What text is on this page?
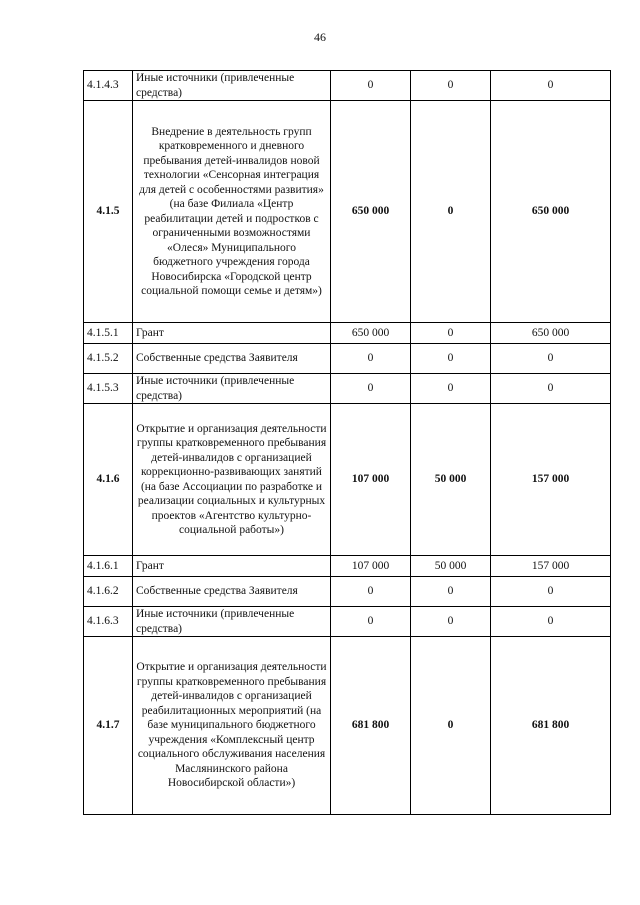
46
4.1.4.3	Иные источники (привлеченные средства)	0	0	0
4.1.5	Внедрение в деятельность групп кратковременного и дневного пребывания детей-инвалидов новой технологии «Сенсорная интеграция для детей с особенностями развития» (на базе Филиала «Центр реабилитации детей и подростков с ограниченными возможностями «Олеся» Муниципального бюджетного учреждения города Новосибирска «Городской центр социальной помощи семье и детям»)	650 000	0	650 000
4.1.5.1	Грант	650 000	0	650 000
4.1.5.2	Собственные средства Заявителя	0	0	0
4.1.5.3	Иные источники (привлеченные средства)	0	0	0
4.1.6	Открытие и организация деятельности группы кратковременного пребывания детей-инвалидов с организацией коррекционно-развивающих занятий (на базе Ассоциации по разработке и реализации социальных и культурных проектов «Агентство культурно-социальной работы»)	107 000	50 000	157 000
4.1.6.1	Грант	107 000	50 000	157 000
4.1.6.2	Собственные средства Заявителя	0	0	0
4.1.6.3	Иные источники (привлеченные средства)	0	0	0
4.1.7	Открытие и организация деятельности группы кратковременного пребывания детей-инвалидов с организацией реабилитационных мероприятий (на базе муниципального бюджетного учреждения «Комплексный центр социального обслуживания населения Маслянинского района Новосибирской области»)	681 800	0	681 800
